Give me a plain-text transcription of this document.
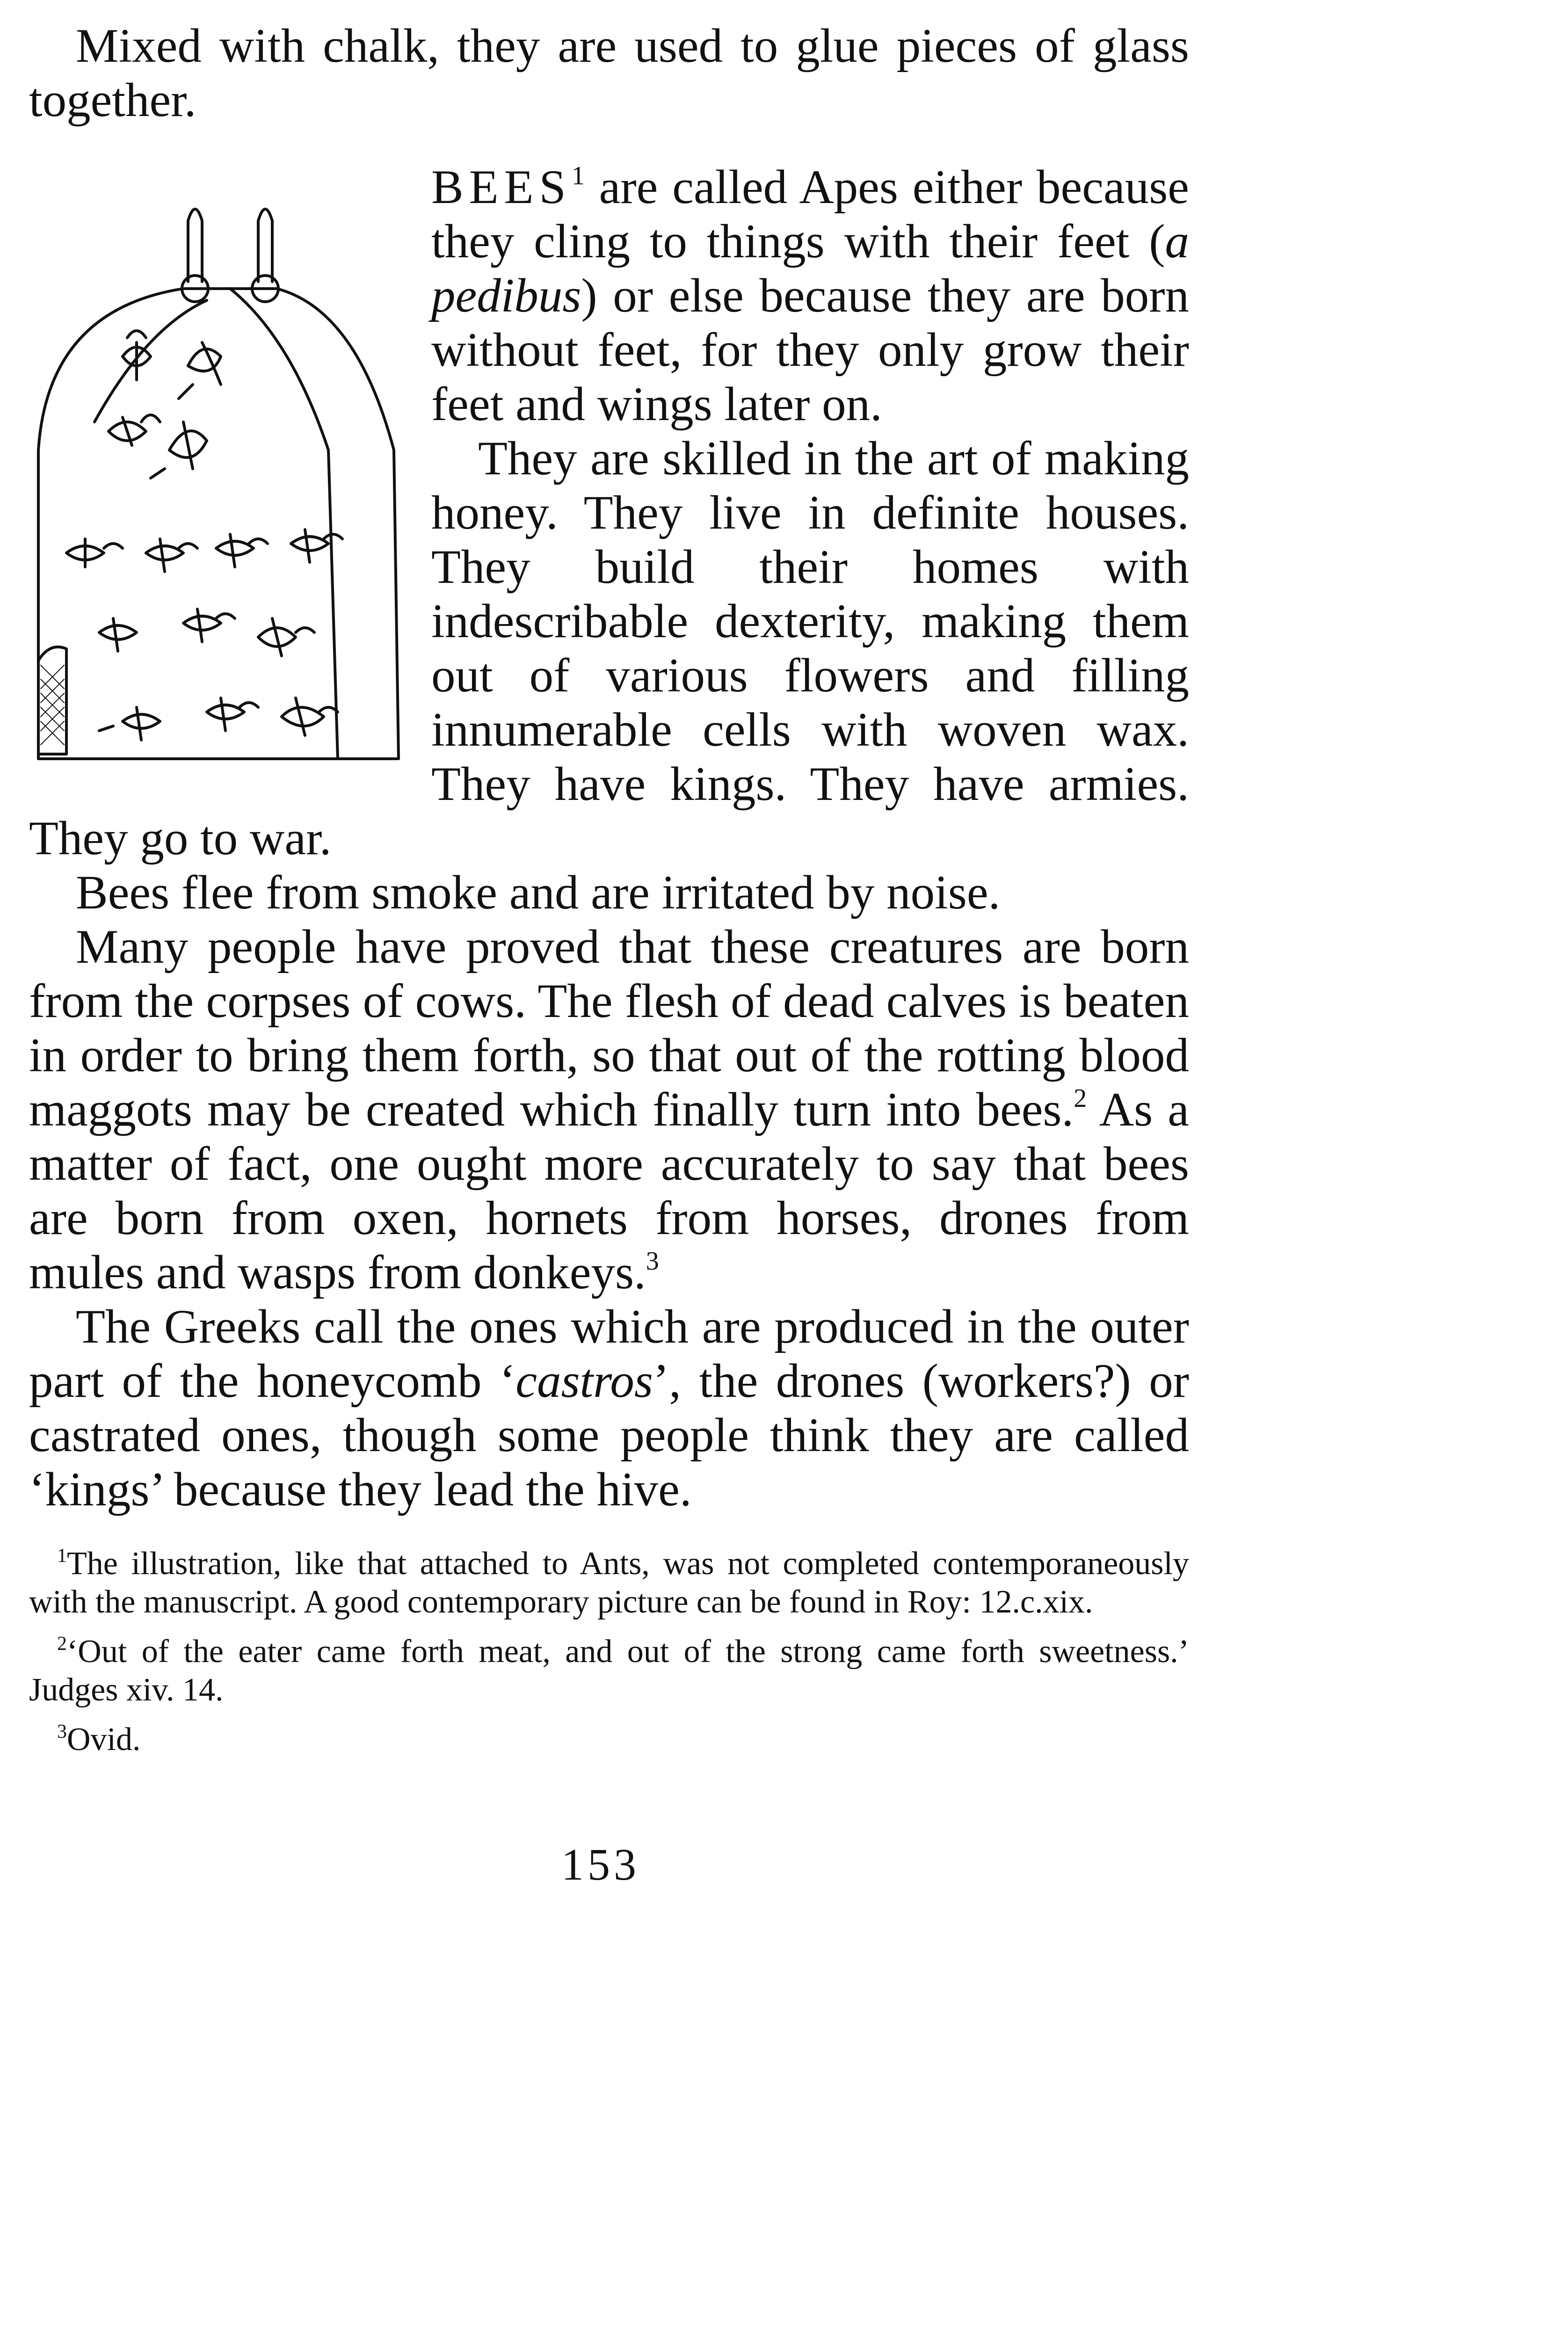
Mixed with chalk, they are used to glue pieces of glass together.

BEES$^1$ are called Apes either because they cling to things with their feet (a pedibus) or else because they are born without feet, for they only grow their feet and wings later on.

They are skilled in the art of making honey. They live in definite houses. They build their homes with indescribable dexterity, making them out of various flowers and filling innumerable cells with woven wax. They have kings. They have armies. They go to war.

Bees flee from smoke and are irritated by noise.

Many people have proved that these creatures are born from the corpses of cows. The flesh of dead calves is beaten in order to bring them forth, so that out of the rotting blood maggots may be created which finally turn into bees.$^2$ As a matter of fact, one ought more accurately to say that bees are born from oxen, hornets from horses, drones from mules and wasps from donkeys.$^3$

The Greeks call the ones which are produced in the outer part of the honeycomb ‘castros’, the drones (workers?) or castrated ones, though some people think they are called ‘kings’ because they lead the hive.

$^1$The illustration, like that attached to Ants, was not completed contemporaneously with the manuscript. A good contemporary picture can be found in Roy: 12.c.xix.

$^2$‘Out of the eater came forth meat, and out of the strong came forth sweetness.’ Judges xiv. 14.

$^3$Ovid.

153
